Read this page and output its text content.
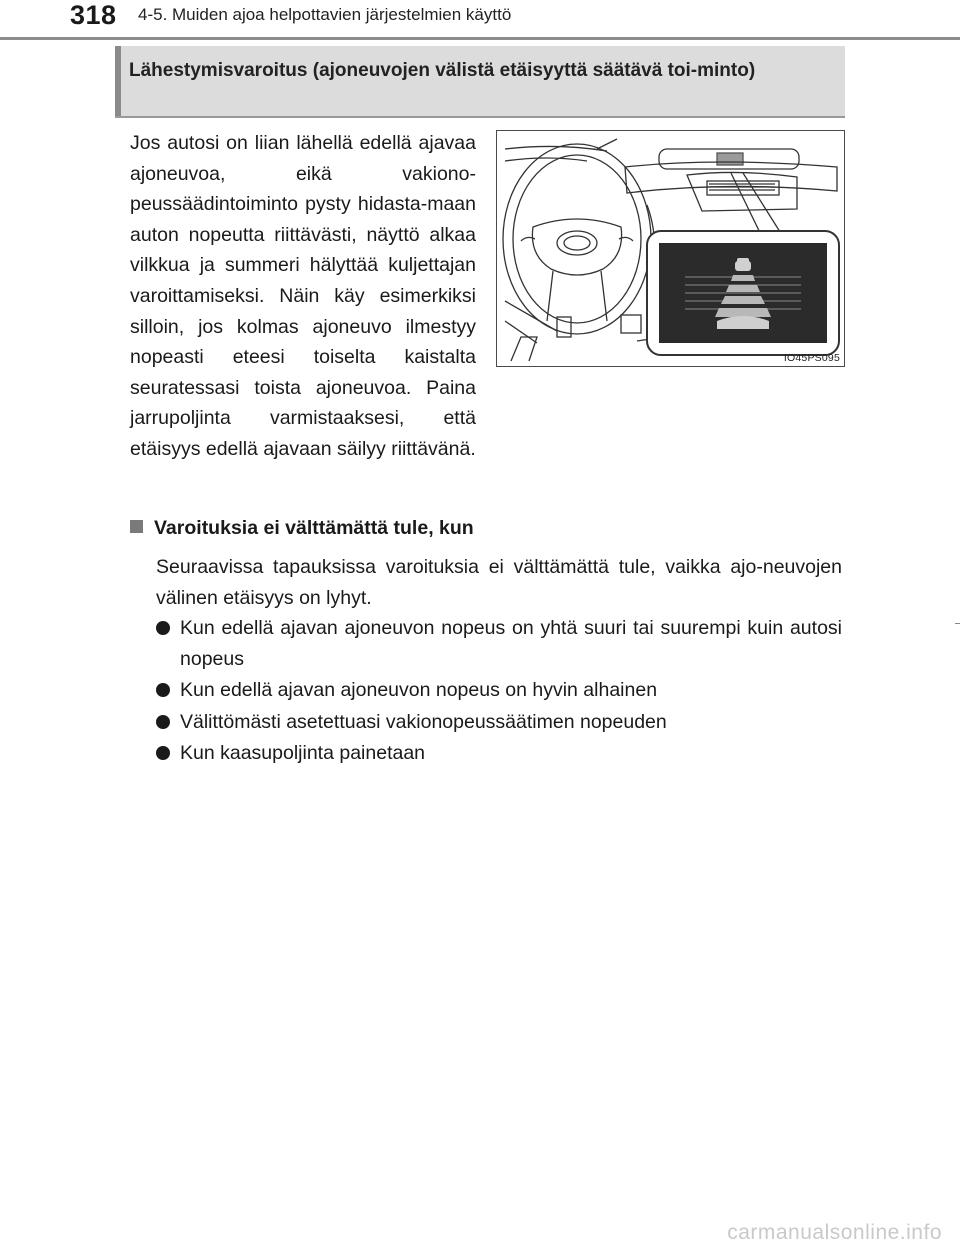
318 4-5. Muiden ajoa helpottavien järjestelmien käyttö
Lähestymisvaroitus (ajoneuvojen välistä etäisyyttä säätävä toi-minto)

Jos autosi on liian lähellä edellä ajavaa ajoneuvoa, eikä vakiono-peussäädintoiminto pysty hidasta-maan auton nopeutta riittävästi, näyttö alkaa vilkkua ja summeri hälyttää kuljettajan varoittamiseksi. Näin käy esimerkiksi silloin, jos kolmas ajoneuvo ilmestyy nopeasti eteesi toiselta kaistalta seuratessasi toista ajoneuvoa. Paina jarrupoljinta varmistaaksesi, että etäisyys edellä ajavaan säilyy riittävänä.

IO45PS095
Varoituksia ei välttämättä tule, kun

Seuraavissa tapauksissa varoituksia ei välttämättä tule, vaikka ajo-neuvojen välinen etäisyys on lyhyt.

Kun edellä ajavan ajoneuvon nopeus on yhtä suuri tai suurempi kuin autosi nopeus
Kun edellä ajavan ajoneuvon nopeus on hyvin alhainen
Välittömästi asetettuasi vakionopeussäätimen nopeuden
Kun kaasupoljinta painetaan
carmanualsonline.info
